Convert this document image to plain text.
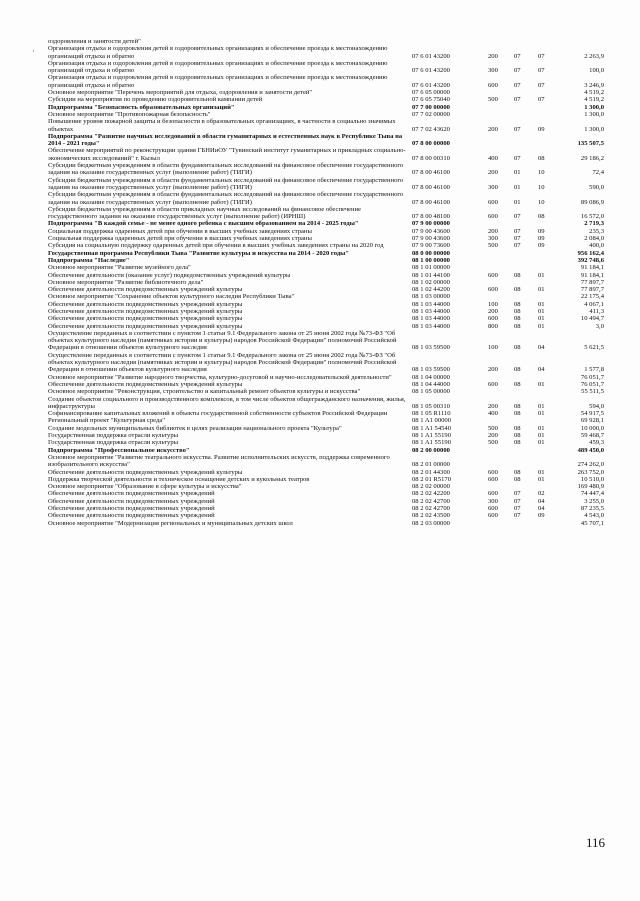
·
оздоровления и занятости детей"					
Организация отдыха и оздоровления детей в оздоровительных организациях и обеспечение проезда к местонахождению организаций отдыха и обратно	07 6 01 43200	200	07	07	2 263,9
Организация отдыха и оздоровления детей в оздоровительных организациях и обеспечение проезда к местонахождению организаций отдыха и обратно	07 6 01 43200	300	07	07	100,0
Организация отдыха и оздоровления детей в оздоровительных организациях и обеспечение проезда к местонахождению организаций отдыха и обратно	07 6 01 43200	600	07	07	3 246,9
Основное мероприятие "Перечень мероприятий для отдыха, оздоровления и занятости детей"	07 6 05 00000				4 519,2
Субсидии на мероприятия по проведению оздоровительной кампании детей	07 6 05 75040	500	07	07	4 519,2
Подпрограмма "Безопасность образовательных организаций"	07 7 00 00000				1 300,0
Основное мероприятие "Противопожарная безопасность"	07 7 02 00000				1 300,0
Повышение уровня пожарной защиты и безопасности в образовательных организациях, в частности в социально значимых объектах	07 7 02 43620	200	07	09	1 300,0
Подпрограмма "Развитие научных исследований в области гуманитарных и естественных наук в Республике Тыва на 2014 - 2021 годы"	07 8 00 00000				135 507,5
Обеспечение мероприятий по реконструкции здания ГБНИиОУ "Тувинский институт гуманитарных и прикладных социально-экономических исследований" г. Кызыл	07 8 00 00310	400	07	08	29 186,2
Субсидии бюджетным учреждениям в области фундаментальных исследований на финансовое обеспечение государственного задания на оказание государственных услуг (выполнение работ) (ТИГИ)	07 8 00 46100	200	01	10	72,4
Субсидии бюджетным учреждениям в области фундаментальных исследований на финансовое обеспечение государственного задания на оказание государственных услуг (выполнение работ) (ТИГИ)	07 8 00 46100	300	01	10	590,0
Субсидии бюджетным учреждениям в области фундаментальных исследований на финансовое обеспечение государственного задания на оказание государственных услуг (выполнение работ) (ТИГИ)	07 8 00 46100	600	01	10	89 086,9
Субсидии бюджетным учреждениям в области прикладных научных исследований на финансовое обеспечение государственного задания на оказание государственных услуг (выполнение работ) (ИРНШ)	07 8 00 48100	600	07	08	16 572,0
Подпрограмма "В каждой семье - не менее одного ребенка с высшим образованием на 2014 - 2025 годы"	07 9 00 00000				2 719,3
Социальная поддержка одаренных детей при обучении в высших учебных заведениях страны	07 9 00 43600	200	07	09	235,3
Социальная поддержка одаренных детей при обучении в высших учебных заведениях страны	07 9 00 43600	300	07	09	2 084,0
Субсидия на социальную поддержку одаренных детей при обучении в высших учебных заведениях страны на 2020 год	07 9 00 73600	500	07	09	400,0
Государственная программа Республики Тыва "Развитие культуры и искусства на 2014 - 2020 годы"	08 0 00 00000				956 162,4
Подпрограмма "Наследие"	08 1 00 00000				392 748,6
Основное мероприятие "Развитие музейного дела"	08 1 01 00000				91 184,1
Обеспечение деятельности (оказание услуг) подведомственных учреждений культуры	08 1 01 44100	600	08	01	91 184,1
Основное мероприятие "Развитие библиотечного дела"	08 1 02 00000				77 897,7
Обеспечение деятельности подведомственных учреждений культуры	08 1 02 44200	600	08	01	77 897,7
Основное мероприятие "Сохранение объектов культурного наследия Республики Тыва"	08 1 03 00000				22 175,4
Обеспечение деятельности подведомственных учреждений культуры	08 1 03 44000	100	08	01	4 067,1
Обеспечение деятельности подведомственных учреждений культуры	08 1 03 44000	200	08	01	411,3
Обеспечение деятельности подведомственных учреждений культуры	08 1 03 44000	600	08	01	10 494,7
Обеспечение деятельности подведомственных учреждений культуры	08 1 03 44000	800	08	01	3,0
Осуществление переданных в соответствии с пунктом 1 статьи 9.1 Федерального закона от 25 июня 2002 года №73-ФЗ "Об объектах культурного наследия (памятниках истории и культуры) народов Российской Федерации" полномочий Российской Федерации в отношении объектов культурного наследия	08 1 03 59500	100	08	04	5 621,5
Осуществление переданных в соответствии с пунктом 1 статьи 9.1 Федерального закона от 25 июня 2002 года №73-ФЗ "Об объектах культурного наследия (памятниках истории и культуры) народов Российской Федерации" полномочий Российской Федерации в отношении объектов культурного наследия	08 1 03 59500	200	08	04	1 577,8
Основное мероприятие "Развитие народного творчества, культурно-досуговой и научно-исследовательской деятельности"	08 1 04 00000				76 051,7
Обеспечение деятельности подведомственных учреждений культуры	08 1 04 44000	600	08	01	76 051,7
Основное мероприятие "Реконструкция, строительство и капитальный ремонт объектов культуры и искусства"	08 1 05 00000				55 511,5
Создание объектов социального и производственного комплексов, в том числе объектов общегражданского назначения, жилья, инфраструктуры	08 1 05 00310	200	08	01	594,0
Софинансирование капитальных вложений в объекты государственной собственности субъектов Российской Федерации	08 1 05 R1110	400	08	01	54 917,5
Региональный проект "Культурная среда"	08 1 A1 00000				69 928,1
Создание модельных муниципальных библиотек в целях реализации национального проекта "Культура"	08 1 A1 54540	500	08	01	10 000,0
Государственная поддержка отрасли культуры	08 1 A1 55190	200	08	01	59 468,7
Государственная поддержка отрасли культуры	08 1 A1 55190	500	08	01	459,3
Подпрограмма "Профессиональное искусство"	08 2 00 00000				489 450,0
Основное мероприятие "Развитие театрального искусства. Развитие исполнительских искусств, поддержка современного изобразительного искусства"	08 2 01 00000				274 262,0
Обеспечение деятельности подведомственных учреждений культуры	08 2 01 44300	600	08	01	263 752,0
Поддержка творческой деятельности и техническое оснащение детских и кукольных театров	08 2 01 R5170	600	08	01	10 510,0
Основное мероприятие "Образование в сфере культуры и искусства"	08 2 02 00000				169 480,9
Обеспечение деятельности подведомственных учреждений	08 2 02 42200	600	07	02	74 447,4
Обеспечение деятельности подведомственных учреждений	08 2 02 42700	300	07	04	3 255,0
Обеспечение деятельности подведомственных учреждений	08 2 02 42700	600	07	04	87 235,5
Обеспечение деятельности подведомственных учреждений	08 2 02 43500	600	07	09	4 543,0
Основное мероприятие "Модернизация региональных и муниципальных детских школ	08 2 03 00000				45 707,1
116
